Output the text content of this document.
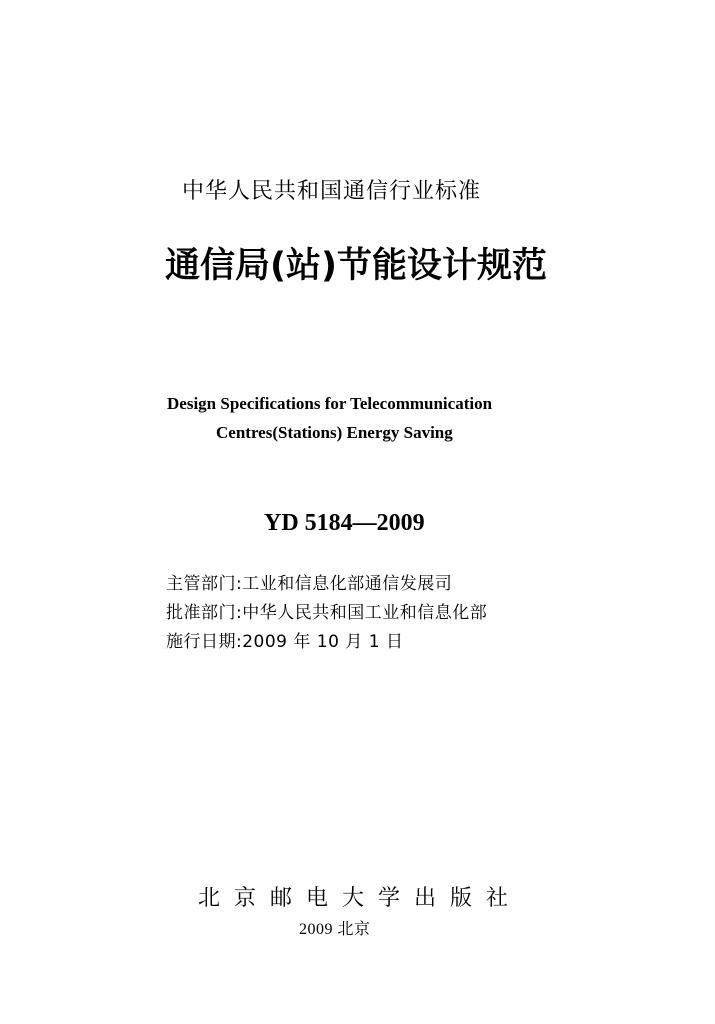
中华人民共和国通信行业标准

通信局(站)节能设计规范

Design Specifications for Telecommunication

Centres(Stations) Energy Saving

YD 5184—2009

主管部门:工业和信息化部通信发展司

批准部门:中华人民共和国工业和信息化部

施行日期:2009 年 10 月 1 日

北京邮电大学出版社

2009 北京
